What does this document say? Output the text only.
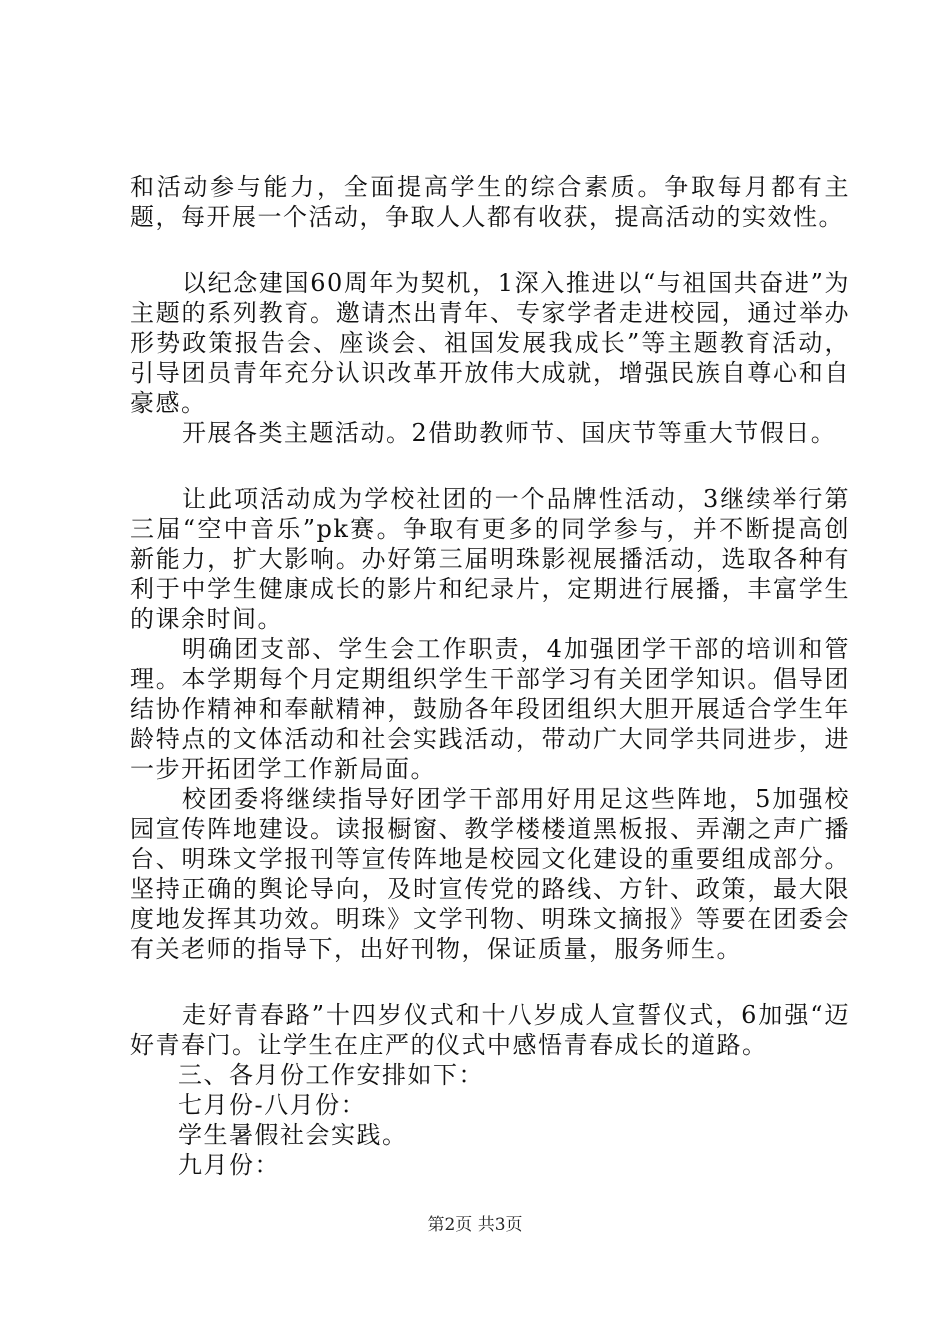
和活动参与能力，全面提高学生的综合素质。争取每月都有主题，每开展一个活动，争取人人都有收获，提高活动的实效性。

以纪念建国60周年为契机，1深入推进以“与祖国共奋进”为主题的系列教育。邀请杰出青年、专家学者走进校园，通过举办形势政策报告会、座谈会、祖国发展我成长”等主题教育活动，引导团员青年充分认识改革开放伟大成就，增强民族自尊心和自豪感。

开展各类主题活动。2借助教师节、国庆节等重大节假日。

让此项活动成为学校社团的一个品牌性活动，3继续举行第三届“空中音乐”pk赛。争取有更多的同学参与，并不断提高创新能力，扩大影响。办好第三届明珠影视展播活动，选取各种有利于中学生健康成长的影片和纪录片，定期进行展播，丰富学生的课余时间。

明确团支部、学生会工作职责，4加强团学干部的培训和管理。本学期每个月定期组织学生干部学习有关团学知识。倡导团结协作精神和奉献精神，鼓励各年段团组织大胆开展适合学生年龄特点的文体活动和社会实践活动，带动广大同学共同进步，进一步开拓团学工作新局面。

校团委将继续指导好团学干部用好用足这些阵地，5加强校园宣传阵地建设。读报橱窗、教学楼楼道黑板报、弄潮之声广播台、明珠文学报刊等宣传阵地是校园文化建设的重要组成部分。坚持正确的舆论导向，及时宣传党的路线、方针、政策，最大限度地发挥其功效。明珠》文学刊物、明珠文摘报》等要在团委会有关老师的指导下，出好刊物，保证质量，服务师生。

走好青春路”十四岁仪式和十八岁成人宣誓仪式，6加强“迈好青春门。让学生在庄严的仪式中感悟青春成长的道路。

三、各月份工作安排如下：

七月份-八月份：

学生暑假社会实践。

九月份：

第2页 共3页
